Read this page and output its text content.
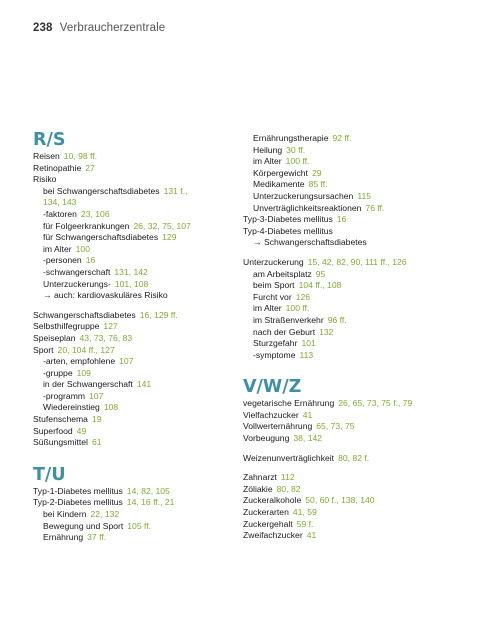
238 Verbraucherzentrale
R/S
Reisen 10, 98 ff.
Retinopathie 27
Risiko
bei Schwangerschaftsdiabetes 131 f.,
134, 143
-faktoren 23, 106
für Folgeerkrankungen 26, 32, 75, 107
für Schwangerschaftsdiabetes 129
im Alter 100
-personen 16
-schwangerschaft 131, 142
Unterzuckerungs- 101, 108
→ auch: kardiovaskuläres Risiko
Schwangerschaftsdiabetes 16, 129 ff.
Selbsthilfegruppe 127
Speiseplan 43, 73, 76, 83
Sport 20, 104 ff., 127
-arten, empfohlene 107
-gruppe 109
in der Schwangerschaft 141
-programm 107
Wiedereinstieg 108
Stufenschema 19
Superfood 49
Süßungsmittel 61
T/U
Typ-1-Diabetes mellitus 14, 82, 105
Typ-2-Diabetes mellitus 14, 16 ff., 21
bei Kindern 22, 132
Bewegung und Sport 105 ff.
Ernährung 37 ff.
Ernährungstherapie 92 ff.
Heilung 30 ff.
im Alter 100 ff.
Körpergewicht 29
Medikamente 85 ff.
Unterzuckerungsursachen 115
Unverträglichkeitsreaktionen 76 ff.
Typ-3-Diabetes mellitus 16
Typ-4-Diabetes mellitus
→ Schwangerschaftsdiabetes
Unterzuckerung 15, 42, 82, 90, 111 ff., 126
am Arbeitsplatz 95
beim Sport 104 ff., 108
Furcht vor 126
im Alter 100 ff.
im Straßenverkehr 96 ff.
nach der Geburt 132
Sturzgefahr 101
-symptome 113
V/W/Z
vegetarische Ernährung 26, 65, 73, 75 f., 79
Vielfachzucker 41
Vollwerternährung 65, 73, 75
Vorbeugung 38, 142
Weizenunverträglichkeit 80, 82 f.
Zahnarzt 112
Zöliakie 80, 82
Zuckeralkohole 50, 60 f., 138, 140
Zuckerarten 41, 59
Zuckergehalt 59 f.
Zweifachzucker 41
